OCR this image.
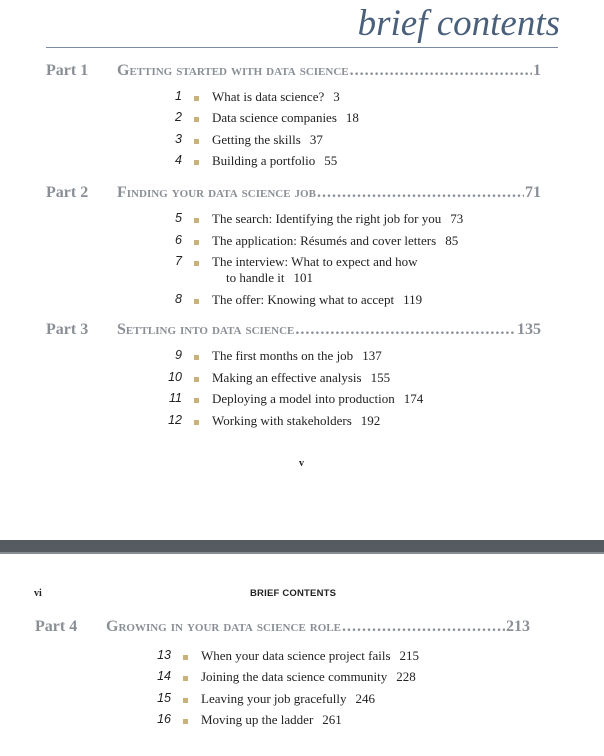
brief contents
Part 1	Getting started with data science .....	1
1 What is data science? 3
2 Data science companies 18
3 Getting the skills 37
4 Building a portfolio 55
Part 2	Finding your data science job .....	71
5 The search: Identifying the right job for you 73
6 The application: Résumés and cover letters 85
7 The interview: What to expect and how
to handle it 101
8 The offer: Knowing what to accept 119
Part 3	Settling into data science .....	135
9 The first months on the job 137
10 Making an effective analysis 155
11 Deploying a model into production 174
12 Working with stakeholders 192
v
vi	BRIEF CONTENTS
Part 4	Growing in your data science role .....	213
13 When your data science project fails 215
14 Joining the data science community 228
15 Leaving your job gracefully 246
16 Moving up the ladder 261
